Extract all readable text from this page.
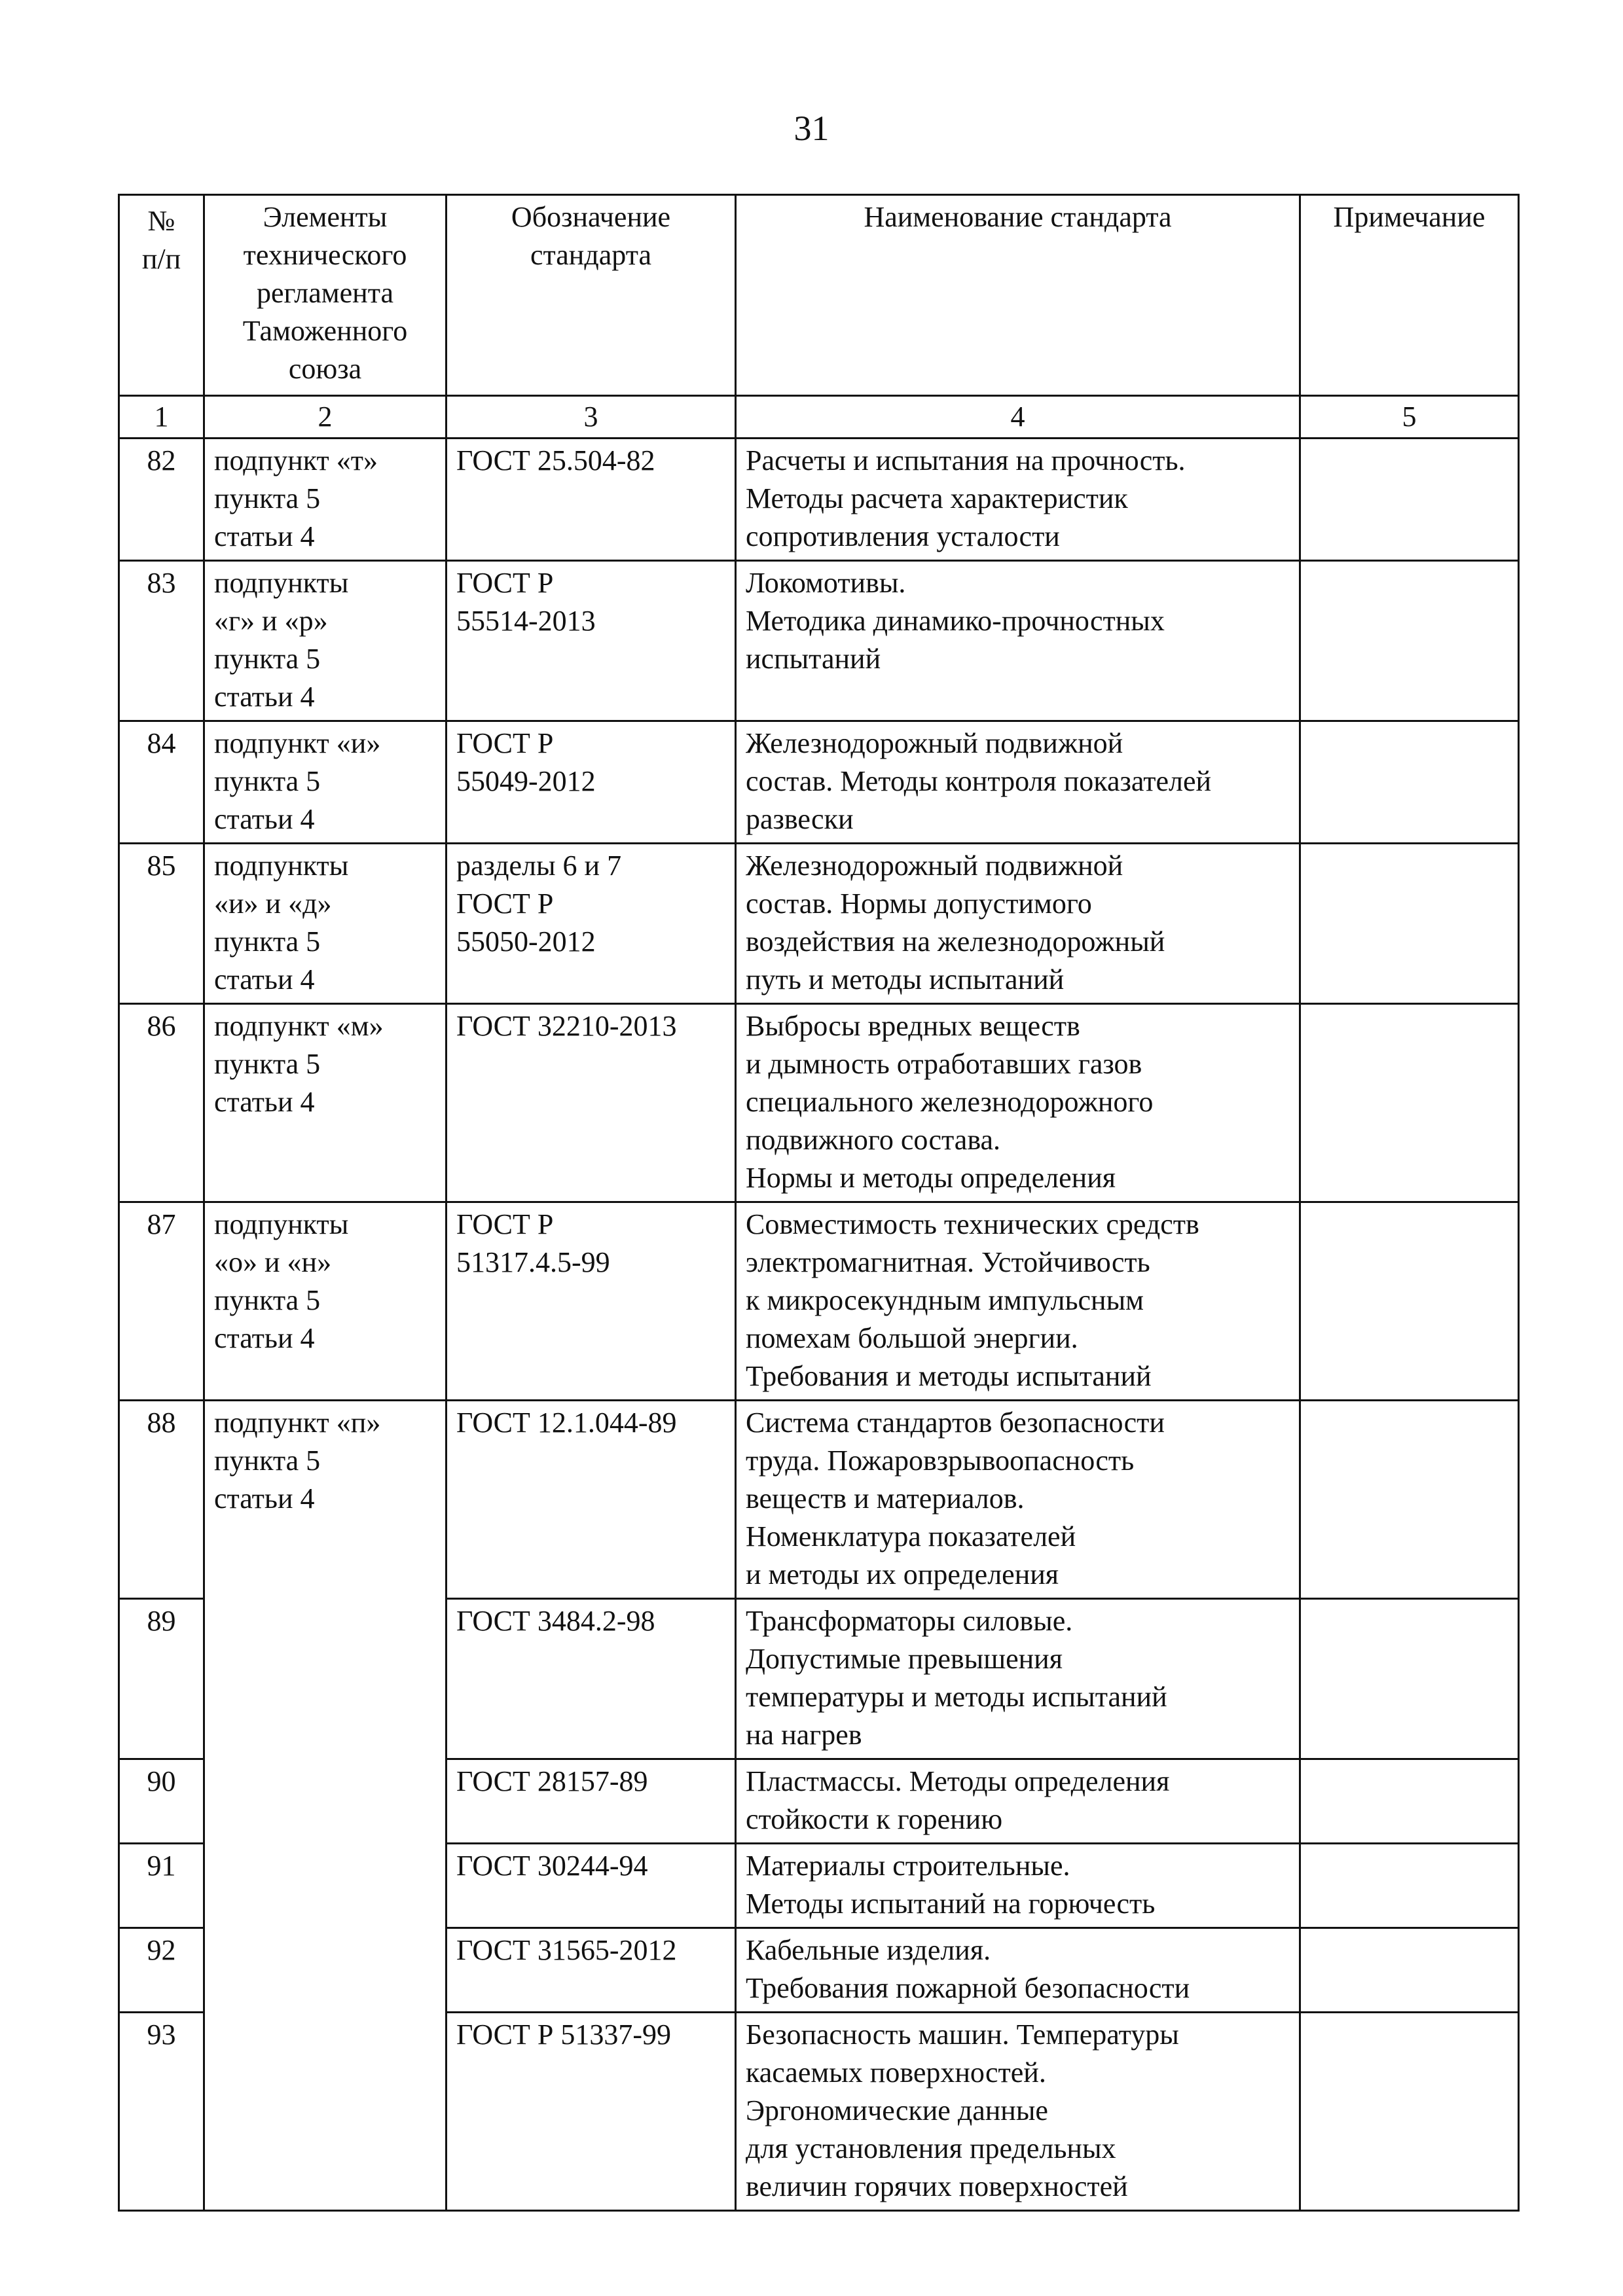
31
№
п/п	Элементы
технического
регламента
Таможенного
союза	Обозначение
стандарта	Наименование стандарта	Примечание
1	2	3	4	5
82	подпункт «т»
пункта 5
статьи 4	ГОСТ 25.504-82	Расчеты и испытания на прочность.
Методы расчета характеристик
сопротивления усталости	
83	подпункты
«г» и «р»
пункта 5
статьи 4	ГОСТ Р
55514-2013	Локомотивы.
Методика динамико-прочностных
испытаний	
84	подпункт «и»
пункта 5
статьи 4	ГОСТ Р
55049-2012	Железнодорожный подвижной
состав. Методы контроля показателей
развески	
85	подпункты
«и» и «д»
пункта 5
статьи 4	разделы 6 и 7
ГОСТ Р
55050-2012	Железнодорожный подвижной
состав. Нормы допустимого
воздействия на железнодорожный
путь и методы испытаний	
86	подпункт «м»
пункта 5
статьи 4	ГОСТ 32210-2013	Выбросы вредных веществ
и дымность отработавших газов
специального железнодорожного
подвижного состава.
Нормы и методы определения	
87	подпункты
«о» и «н»
пункта 5
статьи 4	ГОСТ Р
51317.4.5-99	Совместимость технических средств
электромагнитная. Устойчивость
к микросекундным импульсным
помехам большой энергии.
Требования и методы испытаний	
88	подпункт «п»
пункта 5
статьи 4	ГОСТ 12.1.044-89	Система стандартов безопасности
труда. Пожаровзрывоопасность
веществ и материалов.
Номенклатура показателей
и методы их определения	
89		ГОСТ 3484.2-98	Трансформаторы силовые.
Допустимые превышения
температуры и методы испытаний
на нагрев	
90		ГОСТ 28157-89	Пластмассы. Методы определения
стойкости к горению	
91		ГОСТ 30244-94	Материалы строительные.
Методы испытаний на горючесть	
92		ГОСТ 31565-2012	Кабельные изделия.
Требования пожарной безопасности	
93		ГОСТ Р 51337-99	Безопасность машин. Температуры
касаемых поверхностей.
Эргономические данные
для установления предельных
величин горячих поверхностей	
